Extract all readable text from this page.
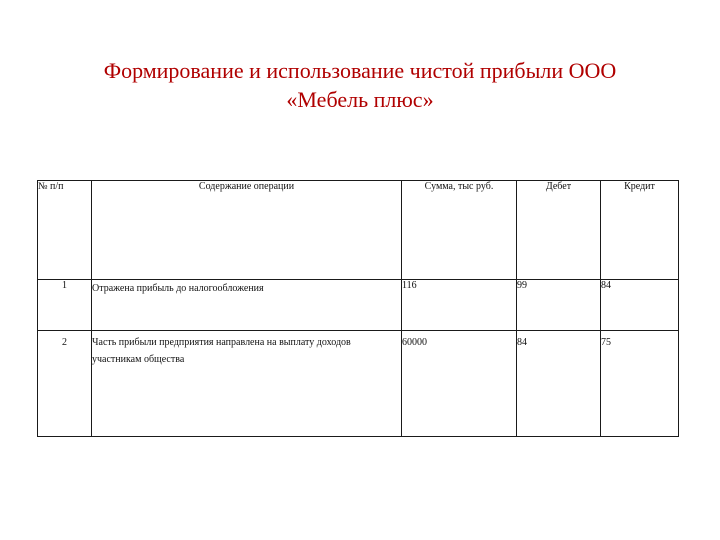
Формирование и использование чистой прибыли ООО
«Мебель плюс»
№ п/п	Содержание операции	Сумма, тыс руб.	Дебет	Кредит
1	Отражена прибыль до налогообложения	116	99	84
2	Часть прибыли предприятия направлена на выплату доходов участникам общества	60000	84	75
